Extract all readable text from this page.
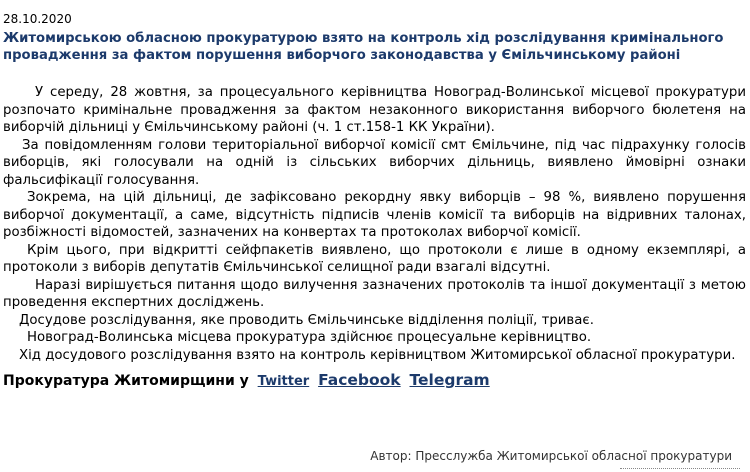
28.10.2020
Житомирською обласною прокуратурою взято на контроль хід розслідування кримінального провадження за фактом порушення виборчого законодавства у Ємільчинському районі

У середу, 28 жовтня, за процесуального керівництва Новоград-Волинської місцевої прокуратури розпочато кримінальне провадження за фактом незаконного використання виборчого бюлетеня на виборчій дільниці у Ємільчинському районі (ч. 1 ст.158-1 КК України).

За повідомленням голови територіальної виборчої комісії смт Ємільчине, під час підрахунку голосів виборців, які голосували на одній із сільських виборчих дільниць, виявлено ймовірні ознаки фальсифікації голосування.

Зокрема, на цій дільниці, де зафіксовано рекордну явку виборців – 98 %, виявлено порушення виборчої документації, а саме, відсутність підписів членів комісії та виборців на відривних талонах, розбіжності відомостей, зазначених на конвертах та протоколах виборчої комісії.

Крім цього, при відкритті сейфпакетів виявлено, що протоколи є лише в одному екземплярі, а протоколи з виборів депутатів Ємільчинської селищної ради взагалі відсутні.

Наразі вирішується питання щодо вилучення зазначених протоколів та іншої документації з метою проведення експертних досліджень.

Досудове розслідування, яке проводить Ємільчинське відділення поліції, триває.

Новоград-Волинська місцева прокуратура здійснює процесуальне керівництво.

Хід досудового розслідування взято на контроль керівництвом Житомирської обласної прокуратури.

Прокуратура Житомирщини у Twitter Facebook Telegram
Автор: Пресслужба Житомирської обласної прокуратури
